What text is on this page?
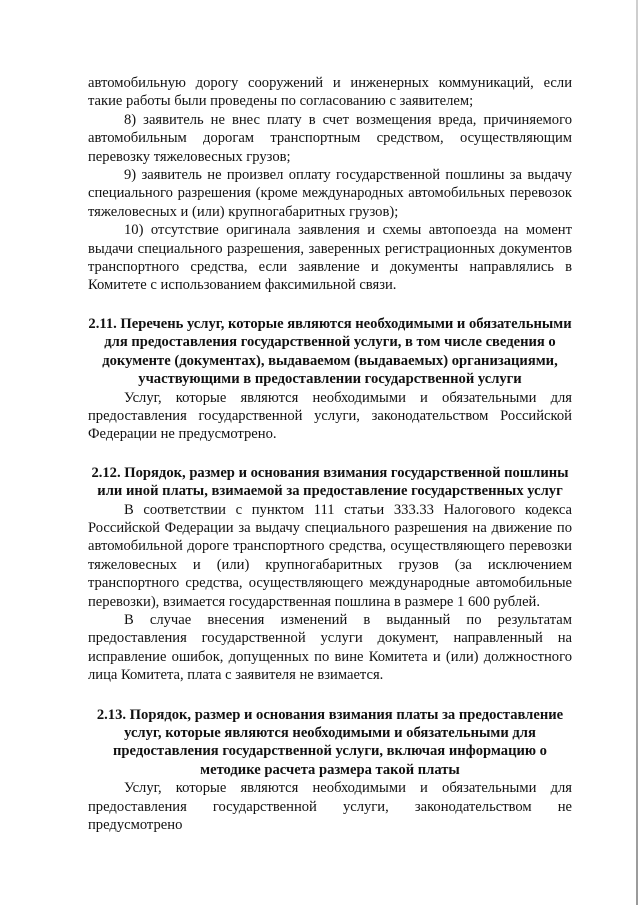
автомобильную дорогу сооружений и инженерных коммуникаций, если такие работы были проведены по согласованию с заявителем;

8) заявитель не внес плату в счет возмещения вреда, причиняемого автомобильным дорогам транспортным средством, осуществляющим перевозку тяжеловесных грузов;

9) заявитель не произвел оплату государственной пошлины за выдачу специального разрешения (кроме международных автомобильных перевозок тяжеловесных и (или) крупногабаритных грузов);

10) отсутствие оригинала заявления и схемы автопоезда на момент выдачи специального разрешения, заверенных регистрационных документов транспортного средства, если заявление и документы направлялись в Комитете с использованием факсимильной связи.

2.11. Перечень услуг, которые являются необходимыми и обязательными для предоставления государственной услуги, в том числе сведения о документе (документах), выдаваемом (выдаваемых) организациями, участвующими в предоставлении государственной услуги

Услуг, которые являются необходимыми и обязательными для предоставления государственной услуги, законодательством Российской Федерации не предусмотрено.

2.12. Порядок, размер и основания взимания государственной пошлины или иной платы, взимаемой за предоставление государственных услуг

В соответствии с пунктом 111 статьи 333.33 Налогового кодекса Российской Федерации за выдачу специального разрешения на движение по автомобильной дороге транспортного средства, осуществляющего перевозки тяжеловесных и (или) крупногабаритных грузов (за исключением транспортного средства, осуществляющего международные автомобильные перевозки), взимается государственная пошлина в размере 1 600 рублей.

В случае внесения изменений в выданный по результатам предоставления государственной услуги документ, направленный на исправление ошибок, допущенных по вине Комитета и (или) должностного лица Комитета, плата с заявителя не взимается.

2.13. Порядок, размер и основания взимания платы за предоставление услуг, которые являются необходимыми и обязательными для предоставления государственной услуги, включая информацию о методике расчета размера такой платы

Услуг, которые являются необходимыми и обязательными для предоставления государственной услуги, законодательством не предусмотрено
